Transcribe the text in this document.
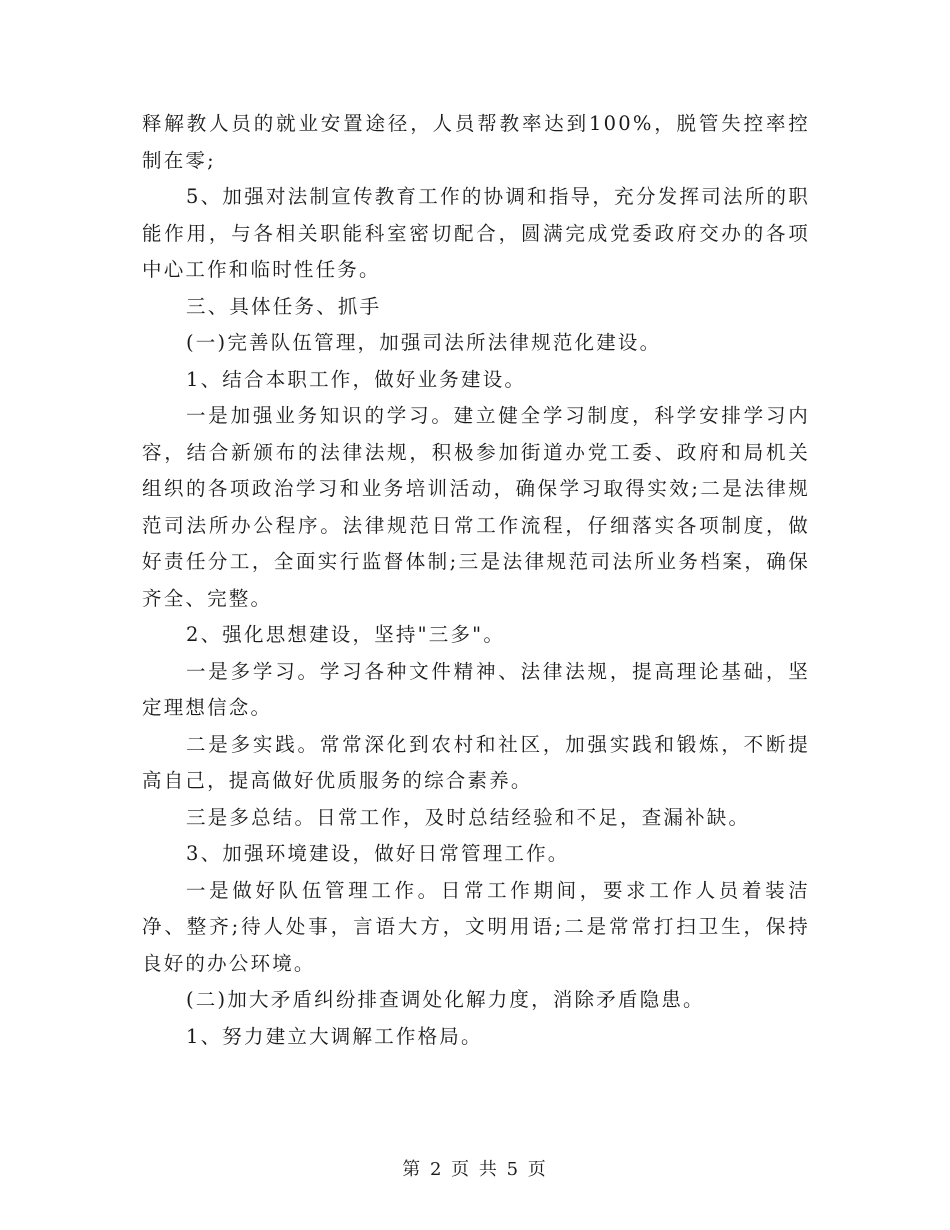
释解教人员的就业安置途径，人员帮教率达到100%，脱管失控率控制在零;

5、加强对法制宣传教育工作的协调和指导，充分发挥司法所的职能作用，与各相关职能科室密切配合，圆满完成党委政府交办的各项中心工作和临时性任务。

三、具体任务、抓手

(一)完善队伍管理，加强司法所法律规范化建设。

1、结合本职工作，做好业务建设。

一是加强业务知识的学习。建立健全学习制度，科学安排学习内容，结合新颁布的法律法规，积极参加街道办党工委、政府和局机关组织的各项政治学习和业务培训活动，确保学习取得实效;二是法律规范司法所办公程序。法律规范日常工作流程，仔细落实各项制度，做好责任分工，全面实行监督体制;三是法律规范司法所业务档案，确保齐全、完整。

2、强化思想建设，坚持"三多"。

一是多学习。学习各种文件精神、法律法规，提高理论基础，坚定理想信念。

二是多实践。常常深化到农村和社区，加强实践和锻炼，不断提高自己，提高做好优质服务的综合素养。

三是多总结。日常工作，及时总结经验和不足，查漏补缺。

3、加强环境建设，做好日常管理工作。

一是做好队伍管理工作。日常工作期间，要求工作人员着装洁净、整齐;待人处事，言语大方，文明用语;二是常常打扫卫生，保持良好的办公环境。

(二)加大矛盾纠纷排查调处化解力度，消除矛盾隐患。

1、努力建立大调解工作格局。

第 2 页 共 5 页
